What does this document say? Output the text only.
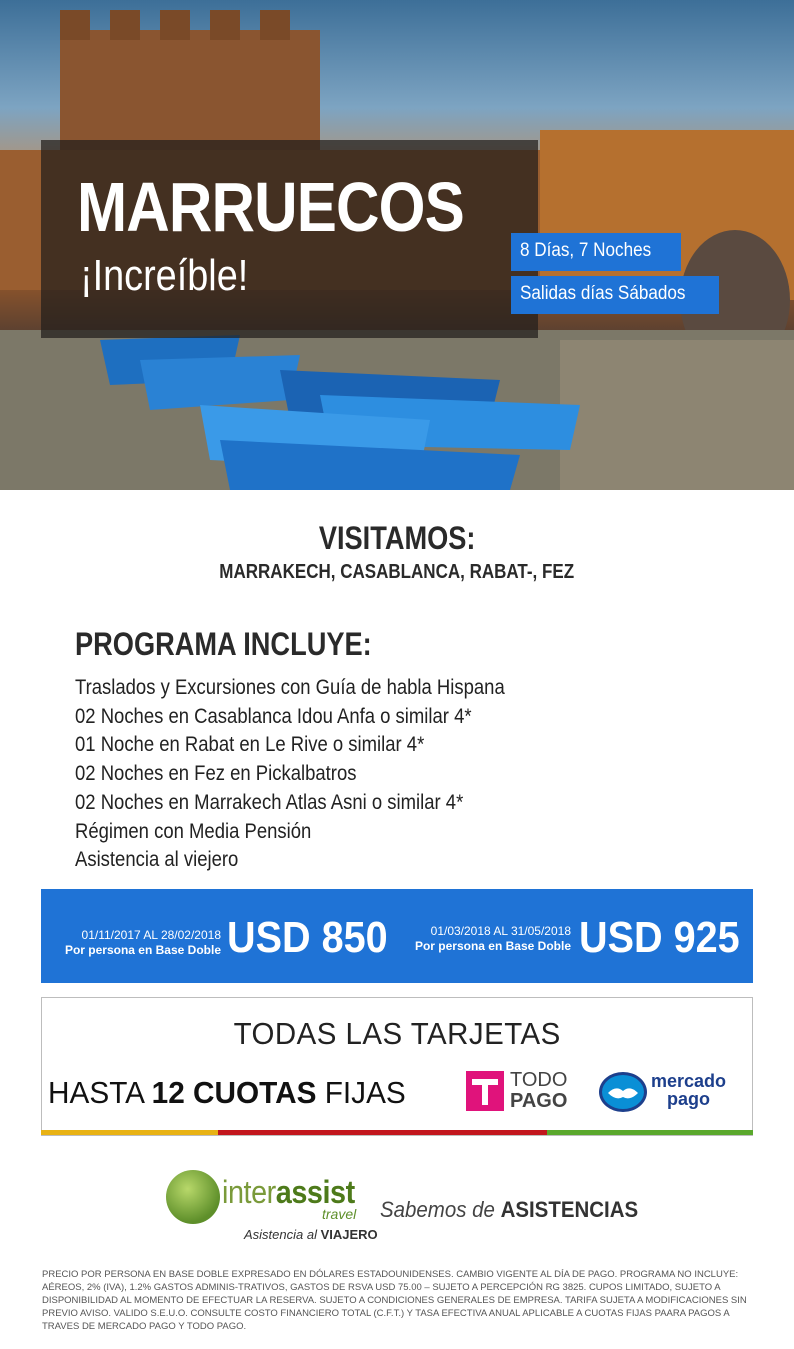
MARRUECOS
¡Increíble!
8 Días, 7 Noches
Salidas días Sábados
VISITAMOS:
MARRAKECH, CASABLANCA, RABAT-, FEZ
PROGRAMA INCLUYE:
Traslados y Excursiones con Guía de habla Hispana
02 Noches en Casablanca Idou Anfa o similar 4*
01 Noche en Rabat en Le Rive o similar 4*
02 Noches en Fez en Pickalbatros
02 Noches en Marrakech Atlas Asni o similar 4*
Régimen con Media Pensión
Asistencia al viejero
01/11/2017 AL 28/02/2018
Por persona en Base Doble USD 850	01/03/2018 AL 31/05/2018
Por persona en Base Doble USD 925
TODAS LAS TARJETAS
HASTA 12 CUOTAS FIJAS	TODO
PAGO
mercado
pago
interassist
travel
Asistencia al VIAJERO
Sabemos de ASISTENCIAS
PRECIO POR PERSONA EN BASE DOBLE EXPRESADO EN DÓLARES ESTADOUNIDENSES. CAMBIO VIGENTE AL DÍA DE PAGO. PROGRAMA NO INCLUYE: AÉREOS, 2% (IVA), 1.2% GASTOS ADMINIS-TRATIVOS, GASTOS DE RSVA USD 75.00 – SUJETO A PERCEPCIÓN RG 3825. CUPOS LIMITADO, SUJETO A DISPONIBILIDAD AL MOMENTO DE EFECTUAR LA RESERVA. SUJETO A CONDICIONES GENERALES DE EMPRESA. TARIFA SUJETA A MODIFICACIONES SIN PREVIO AVISO. VALIDO S.E.U.O. CONSULTE COSTO FINANCIERO TOTAL (C.F.T.) Y TASA EFECTIVA ANUAL APLICABLE A CUOTAS FIJAS PAARA PAGOS A TRAVES DE MERCADO PAGO Y TODO PAGO.
